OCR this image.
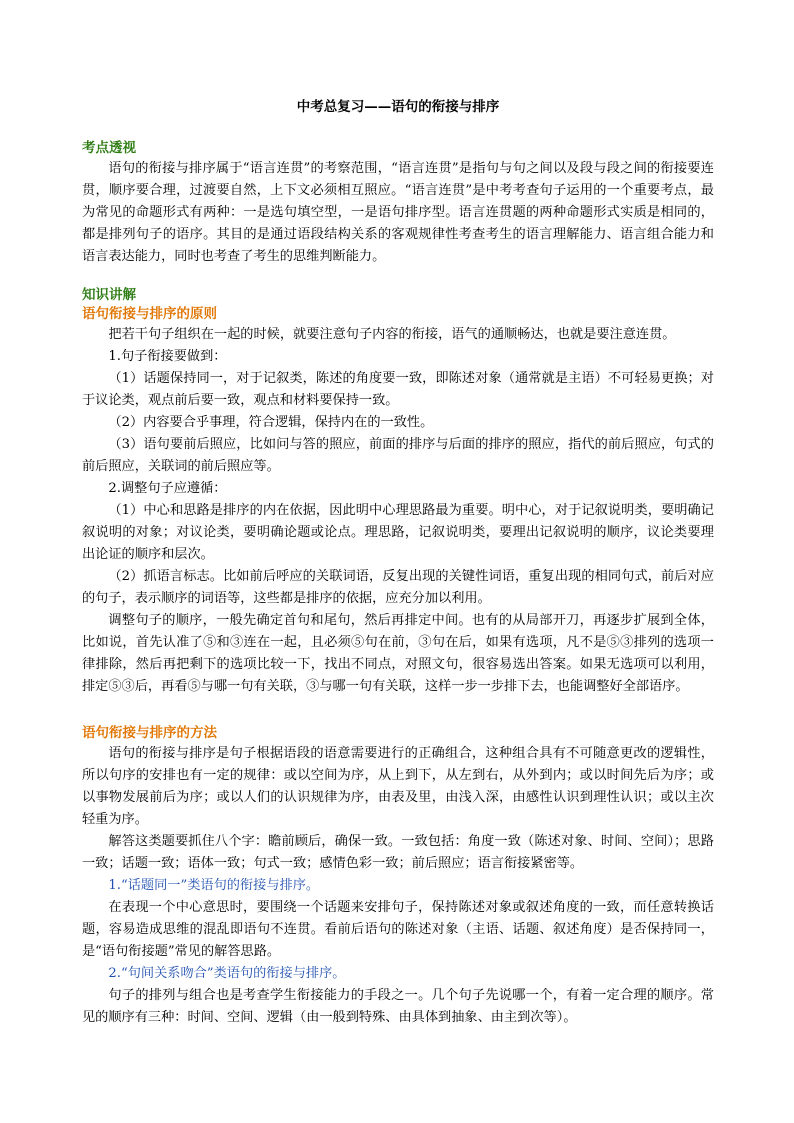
中考总复习——语句的衔接与排序
考点透视

语句的衔接与排序属于“语言连贯”的考察范围，“语言连贯”是指句与句之间以及段与段之间的衔接要连贯，顺序要合理，过渡要自然，上下文必须相互照应。“语言连贯”是中考考查句子运用的一个重要考点，最为常见的命题形式有两种：一是选句填空型，一是语句排序型。语言连贯题的两种命题形式实质是相同的，都是排列句子的语序。其目的是通过语段结构关系的客观规律性考查考生的语言理解能力、语言组合能力和语言表达能力，同时也考查了考生的思维判断能力。

知识讲解
语句衔接与排序的原则

把若干句子组织在一起的时候，就要注意句子内容的衔接，语气的通顺畅达，也就是要注意连贯。

1.句子衔接要做到：

（1）话题保持同一，对于记叙类，陈述的角度要一致，即陈述对象（通常就是主语）不可轻易更换；对于议论类，观点前后要一致，观点和材料要保持一致。

（2）内容要合乎事理，符合逻辑，保持内在的一致性。

（3）语句要前后照应，比如问与答的照应，前面的排序与后面的排序的照应，指代的前后照应，句式的前后照应，关联词的前后照应等。

2.调整句子应遵循：

（1）中心和思路是排序的内在依据，因此明中心理思路最为重要。明中心，对于记叙说明类，要明确记叙说明的对象；对议论类，要明确论题或论点。理思路，记叙说明类，要理出记叙说明的顺序，议论类要理出论证的顺序和层次。

（2）抓语言标志。比如前后呼应的关联词语，反复出现的关键性词语，重复出现的相同句式，前后对应的句子，表示顺序的词语等，这些都是排序的依据，应充分加以利用。

调整句子的顺序，一般先确定首句和尾句，然后再排定中间。也有的从局部开刀，再逐步扩展到全体，比如说，首先认准了⑤和③连在一起，且必须⑤句在前，③句在后，如果有选项，凡不是⑤③排列的选项一律排除，然后再把剩下的选项比较一下，找出不同点，对照文句，很容易选出答案。如果无选项可以利用，排定⑤③后，再看⑤与哪一句有关联，③与哪一句有关联，这样一步一步排下去，也能调整好全部语序。

语句衔接与排序的方法

语句的衔接与排序是句子根据语段的语意需要进行的正确组合，这种组合具有不可随意更改的逻辑性，所以句序的安排也有一定的规律：或以空间为序，从上到下，从左到右，从外到内；或以时间先后为序；或以事物发展前后为序；或以人们的认识规律为序，由表及里，由浅入深，由感性认识到理性认识；或以主次轻重为序。

解答这类题要抓住八个字：瞻前顾后，确保一致。一致包括：角度一致（陈述对象、时间、空间）；思路一致；话题一致；语体一致；句式一致；感情色彩一致；前后照应；语言衔接紧密等。

1.“话题同一”类语句的衔接与排序。

在表现一个中心意思时，要围绕一个话题来安排句子，保持陈述对象或叙述角度的一致，而任意转换话题，容易造成思维的混乱即语句不连贯。看前后语句的陈述对象（主语、话题、叙述角度）是否保持同一，是“语句衔接题”常见的解答思路。

2.“句间关系吻合”类语句的衔接与排序。

句子的排列与组合也是考查学生衔接能力的手段之一。几个句子先说哪一个，有着一定合理的顺序。常见的顺序有三种：时间、空间、逻辑（由一般到特殊、由具体到抽象、由主到次等）。
